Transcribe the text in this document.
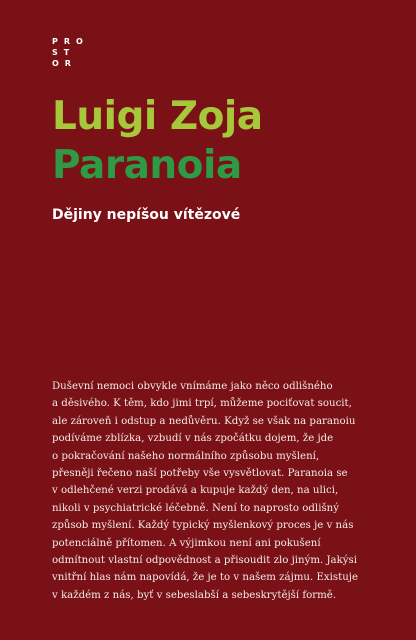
PRO
ST
OR
Luigi Zoja
Paranoia
Dějiny nepíšou vítězové
Duševní nemoci obvykle vnímáme jako něco odlišného
a děsivého. K těm, kdo jimi trpí, můžeme pociťovat soucit,
ale zároveň i odstup a nedůvěru. Když se však na paranoiu
podíváme zblízka, vzbudí v nás zpočátku dojem, že jde
o pokračování našeho normálního způsobu myšlení,
přesněji řečeno naší potřeby vše vysvětlovat. Paranoia se
v odlehčené verzi prodává a kupuje každý den, na ulici,
nikoli v psychiatrické léčebně. Není to naprosto odlišný
způsob myšlení. Každý typický myšlenkový proces je v nás
potenciálně přítomen. A výjimkou není ani pokušení
odmítnout vlastní odpovědnost a přisoudit zlo jiným. Jakýsi
vnitřní hlas nám napovídá, že je to v našem zájmu. Existuje
v každém z nás, byť v sebeslabší a sebeskrytější formě.
